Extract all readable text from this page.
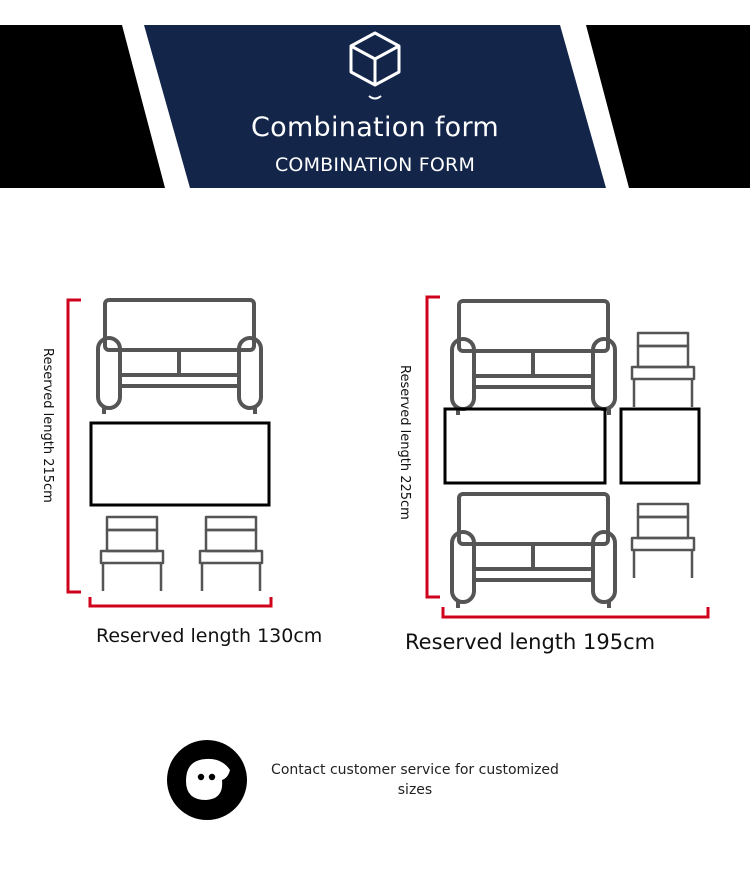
Combination form
COMBINATION FORM
Reserved length 215cm
Reserved length 130cm
Reserved length 225cm
Reserved length 195cm
Contact customer service for customized sizes
